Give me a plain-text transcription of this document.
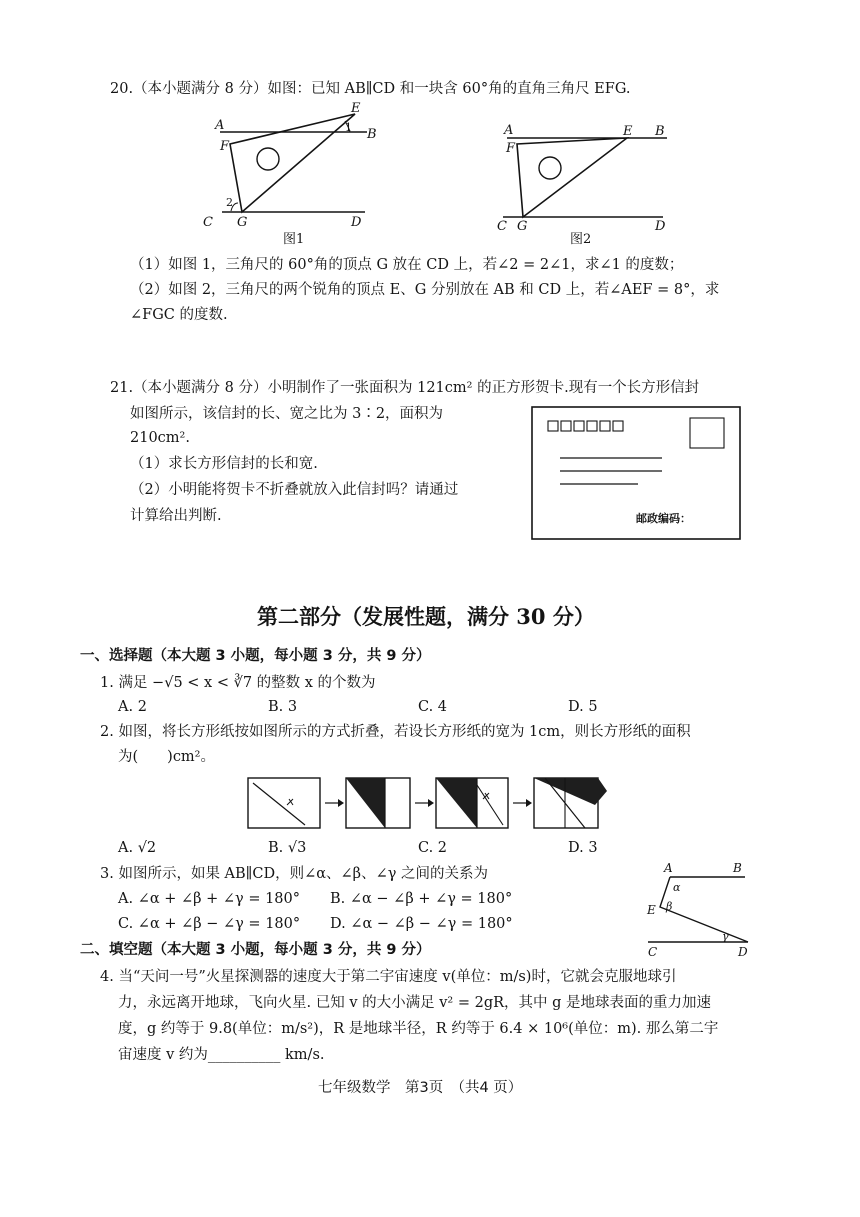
20.（本小题满分 8 分）如图：已知 AB∥CD 和一块含 60°角的直角三角尺 EFG.
A
B
E
F
C G	D
1
2
图1
A	E B
F
C G	D
图2
（1）如图 1，三角尺的 60°角的顶点 G 放在 CD 上，若∠2 = 2∠1，求∠1 的度数；
（2）如图 2，三角尺的两个锐角的顶点 E、G 分别放在 AB 和 CD 上，若∠AEF = 8°，求
∠FGC 的度数.
21.（本小题满分 8 分）小明制作了一张面积为 121cm² 的正方形贺卡.现有一个长方形信封
如图所示，该信封的长、宽之比为 3∶2，面积为
210cm².
（1）求长方形信封的长和宽.
（2）小明能将贺卡不折叠就放入此信封吗？请通过
计算给出判断.	邮政编码：
第二部分（发展性题，满分 30 分）
一、选择题（本大题 3 小题，每小题 3 分，共 9 分）
1. 满足 −√5 < x < ∛7 的整数 x 的个数为
A. 2	B. 3	C. 4	D. 5
2. 如图，将长方形纸按如图所示的方式折叠，若设长方形纸的宽为 1cm，则长方形纸的面积
为(　　)cm²。
A. √2	B. √3	C. 2	D. 3
3. 如图所示，如果 AB∥CD，则∠α、∠β、∠γ 之间的关系为
A. ∠α + ∠β + ∠γ = 180° B. ∠α − ∠β + ∠γ = 180°
C. ∠α + ∠β − ∠γ = 180° D. ∠α − ∠β − ∠γ = 180°
A	B
E
C	D
α
β
γ
二、填空题（本大题 3 小题，每小题 3 分，共 9 分）
4. 当“天问一号”火星探测器的速度大于第二宇宙速度 v(单位：m/s)时，它就会克服地球引
力，永远离开地球，飞向火星. 已知 v 的大小满足 v² = 2gR，其中 g 是地球表面的重力加速
度，g 约等于 9.8(单位：m/s²)，R 是地球半径，R 约等于 6.4 × 10⁶(单位：m). 那么第二宇
宙速度 v 约为__________ km/s.
七年级数学　第3页　（共4 页）
